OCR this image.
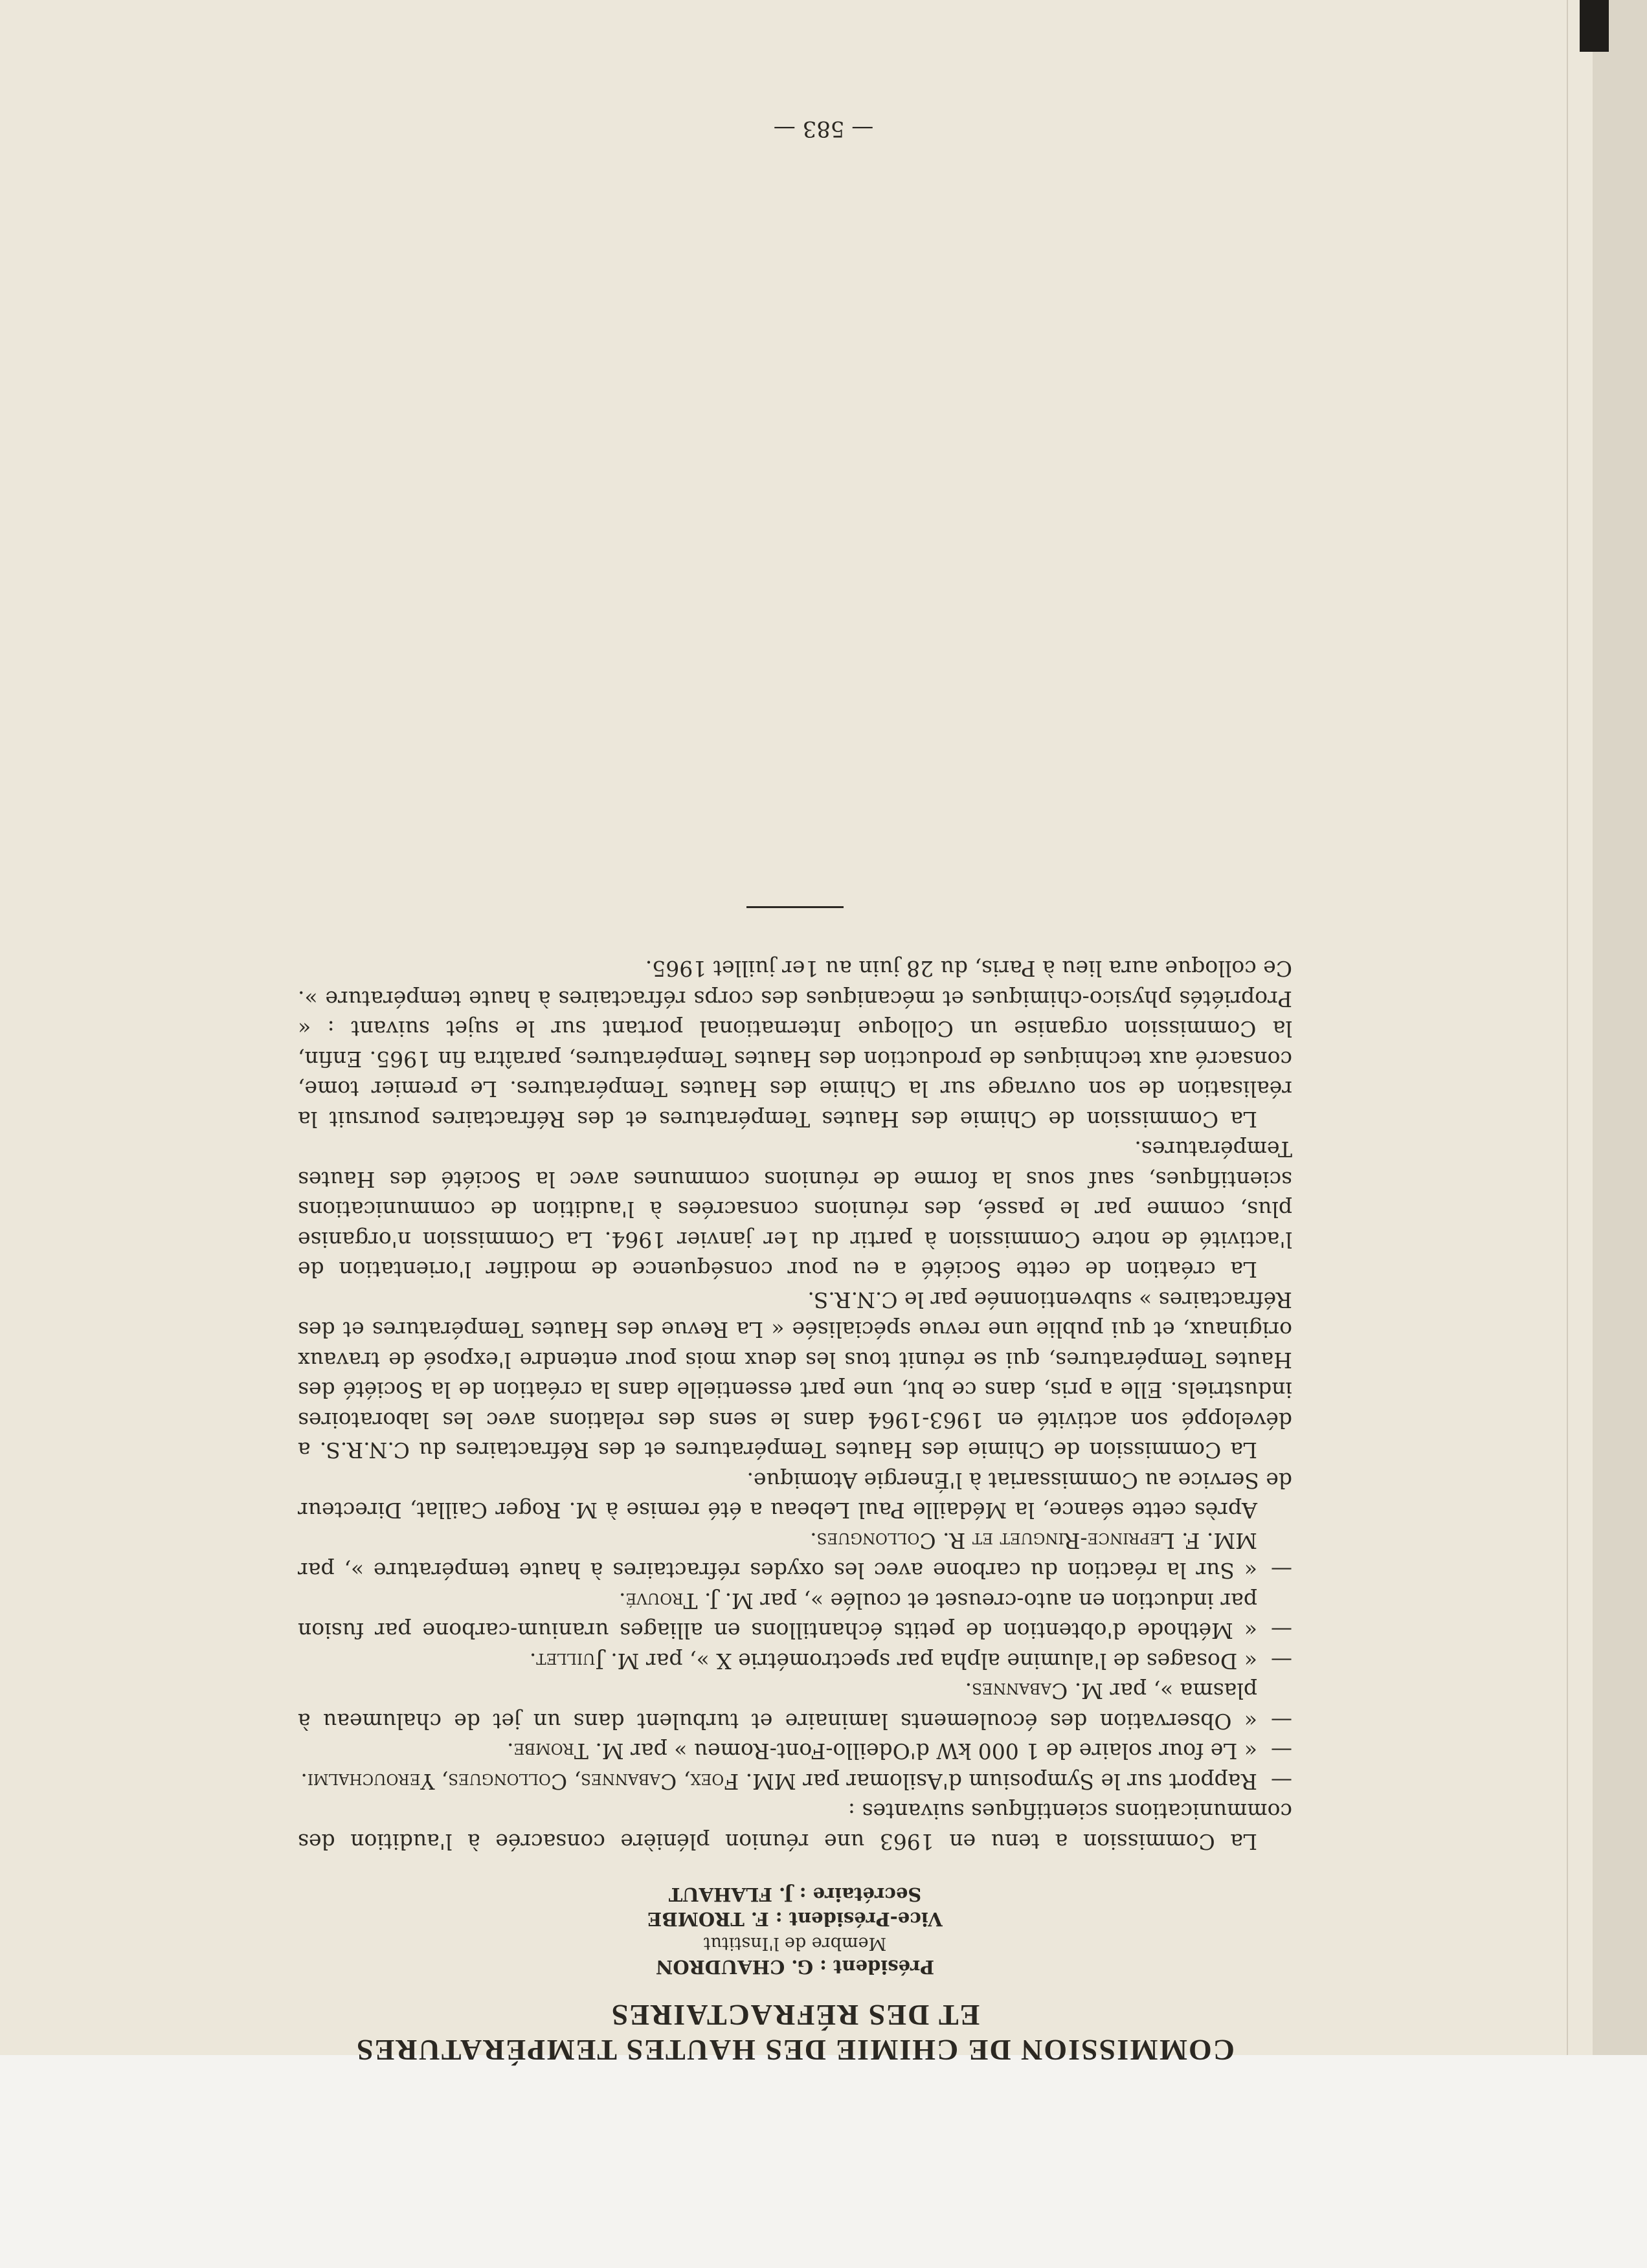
COMMISSION DE CHIMIE DES HAUTES TEMPÉRATURES

ET DES RÉFRACTAIRES

Président : G. CHAUDRON
Membre de l'Institut
Vice-Président : F. TROMBE
Secrétaire : J. FLAHAUT

La Commission a tenu en 1963 une réunion plénière consacrée à l'audition des communications scientifiques suivantes :

—Rapport sur le Symposium d'Asilomar par MM. Foex, Cabannes, Collongues, Yerouchalmi.

—« Le four solaire de 1 000 kW d'Odeillo-Font-Romeu » par M. Trombe.

—« Observation des écoulements laminaire et turbulent dans un jet de chalumeau à plasma », par M. Cabannes.

—« Dosages de l'alumine alpha par spectrométrie X », par M. Juillet.

—« Méthode d'obtention de petits échantillons en alliages uranium-carbone par fusion par induction en auto-creuset et coulée », par M. J. Trouvé.

—« Sur la réaction du carbone avec les oxydes réfractaires à haute température », par MM. F. Leprince-Ringuet et R. Collongues.

Après cette séance, la Médaille Paul Lebeau a été remise à M. Roger Caillat, Directeur de Service au Commissariat à l'Énergie Atomique.

La Commission de Chimie des Hautes Températures et des Réfractaires du C.N.R.S. a développé son activité en 1963-1964 dans le sens des relations avec les laboratoires industriels. Elle a pris, dans ce but, une part essentielle dans la création de la Société des Hautes Températures, qui se réunit tous les deux mois pour entendre l'exposé de travaux originaux, et qui publie une revue spécialisée « La Revue des Hautes Températures et des Réfractaires » subventionnée par le C.N.R.S.

La création de cette Société a eu pour conséquence de modifier l'orientation de l'activité de notre Commission à partir du 1er janvier 1964. La Commission n'organise plus, comme par le passé, des réunions consacrées à l'audition de communications scientifiques, sauf sous la forme de réunions communes avec la Société des Hautes Températures.

La Commission de Chimie des Hautes Températures et des Réfractaires poursuit la réalisation de son ouvrage sur la Chimie des Hautes Températures. Le premier tome, consacré aux techniques de production des Hautes Températures, paraîtra fin 1965. Enfin, la Commission organise un Colloque International portant sur le sujet suivant : « Propriétés physico-chimiques et mécaniques des corps réfractaires à haute température ». Ce colloque aura lieu à Paris, du 28 juin au 1er juillet 1965.

— 583 —
